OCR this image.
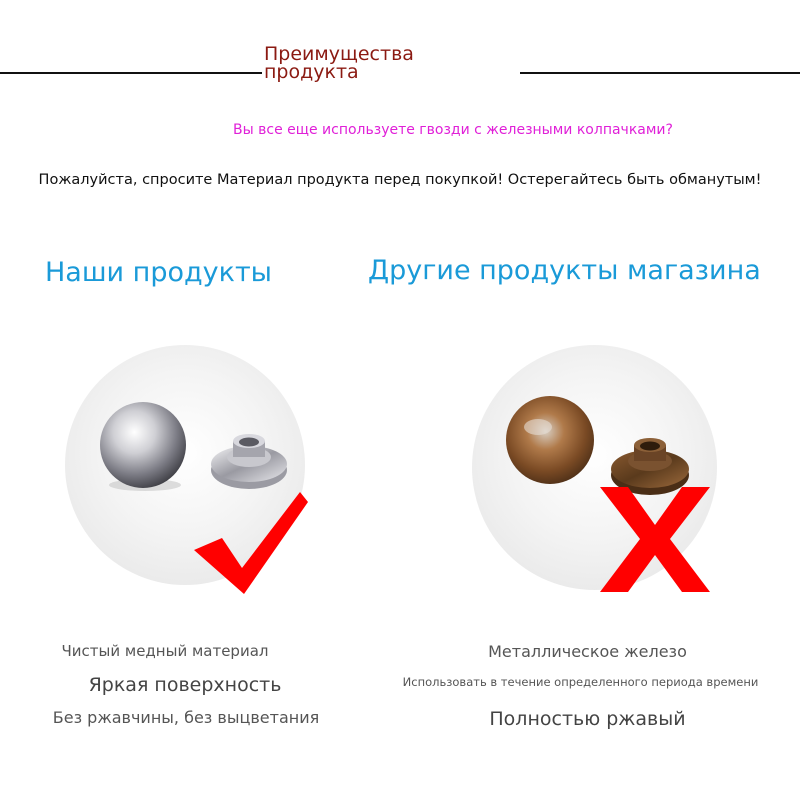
Преимущества продукта
Вы все еще используете гвозди с железными колпачками?
Пожалуйста, спросите Материал продукта перед покупкой! Остерегайтесь быть обманутым!
Наши продукты	Другие продукты магазина
Чистый медный материал
Яркая поверхность
Без ржавчины, без выцветания
Металлическое железо
Использовать в течение определенного периода времени
Полностью ржавый
